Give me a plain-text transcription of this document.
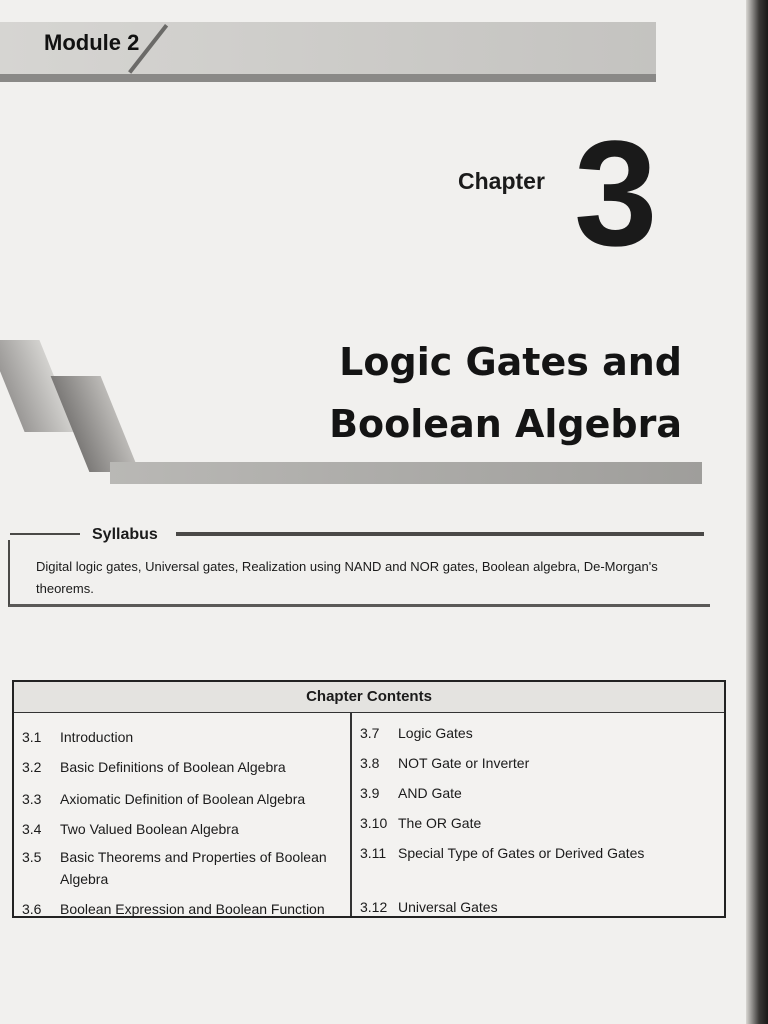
Module 2
Chapter 3
Logic Gates and
Boolean Algebra
Syllabus
Digital logic gates, Universal gates, Realization using NAND and NOR gates, Boolean algebra, De-Morgan's theorems.
Chapter Contents
3.1	Introduction
3.2	Basic Definitions of Boolean Algebra
3.3	Axiomatic Definition of Boolean Algebra
3.4	Two Valued Boolean Algebra
3.5	Basic Theorems and Properties of Boolean Algebra
3.6	Boolean Expression and Boolean Function
3.7	Logic Gates
3.8	NOT Gate or Inverter
3.9	AND Gate
3.10 The OR Gate
3.11 Special Type of Gates or Derived Gates
3.12 Universal Gates
